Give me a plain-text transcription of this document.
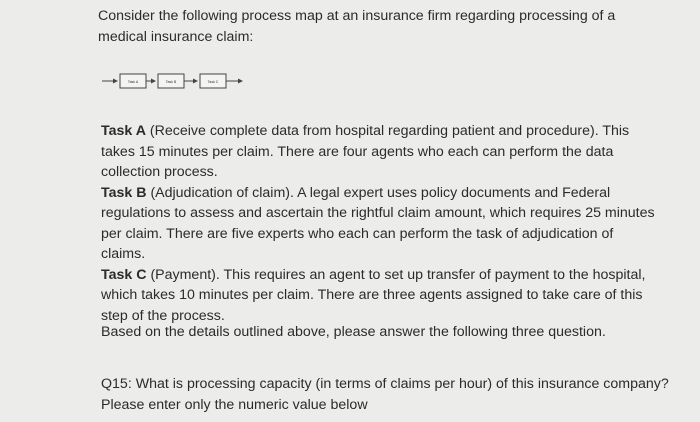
Consider the following process map at an insurance firm regarding processing of a
medical insurance claim:

Task A	Task B	Task C

Task A (Receive complete data from hospital regarding patient and procedure). This takes 15 minutes per claim. There are four agents who each can perform the data collection process.

Task B (Adjudication of claim). A legal expert uses policy documents and Federal regulations to assess and ascertain the rightful claim amount, which requires 25 minutes per claim. There are five experts who each can perform the task of adjudication of claims.

Task C (Payment). This requires an agent to set up transfer of payment to the hospital, which takes 10 minutes per claim. There are three agents assigned to take care of this step of the process.

Based on the details outlined above, please answer the following three question.

Q15: What is processing capacity (in terms of claims per hour) of this insurance company?
Please enter only the numeric value below
